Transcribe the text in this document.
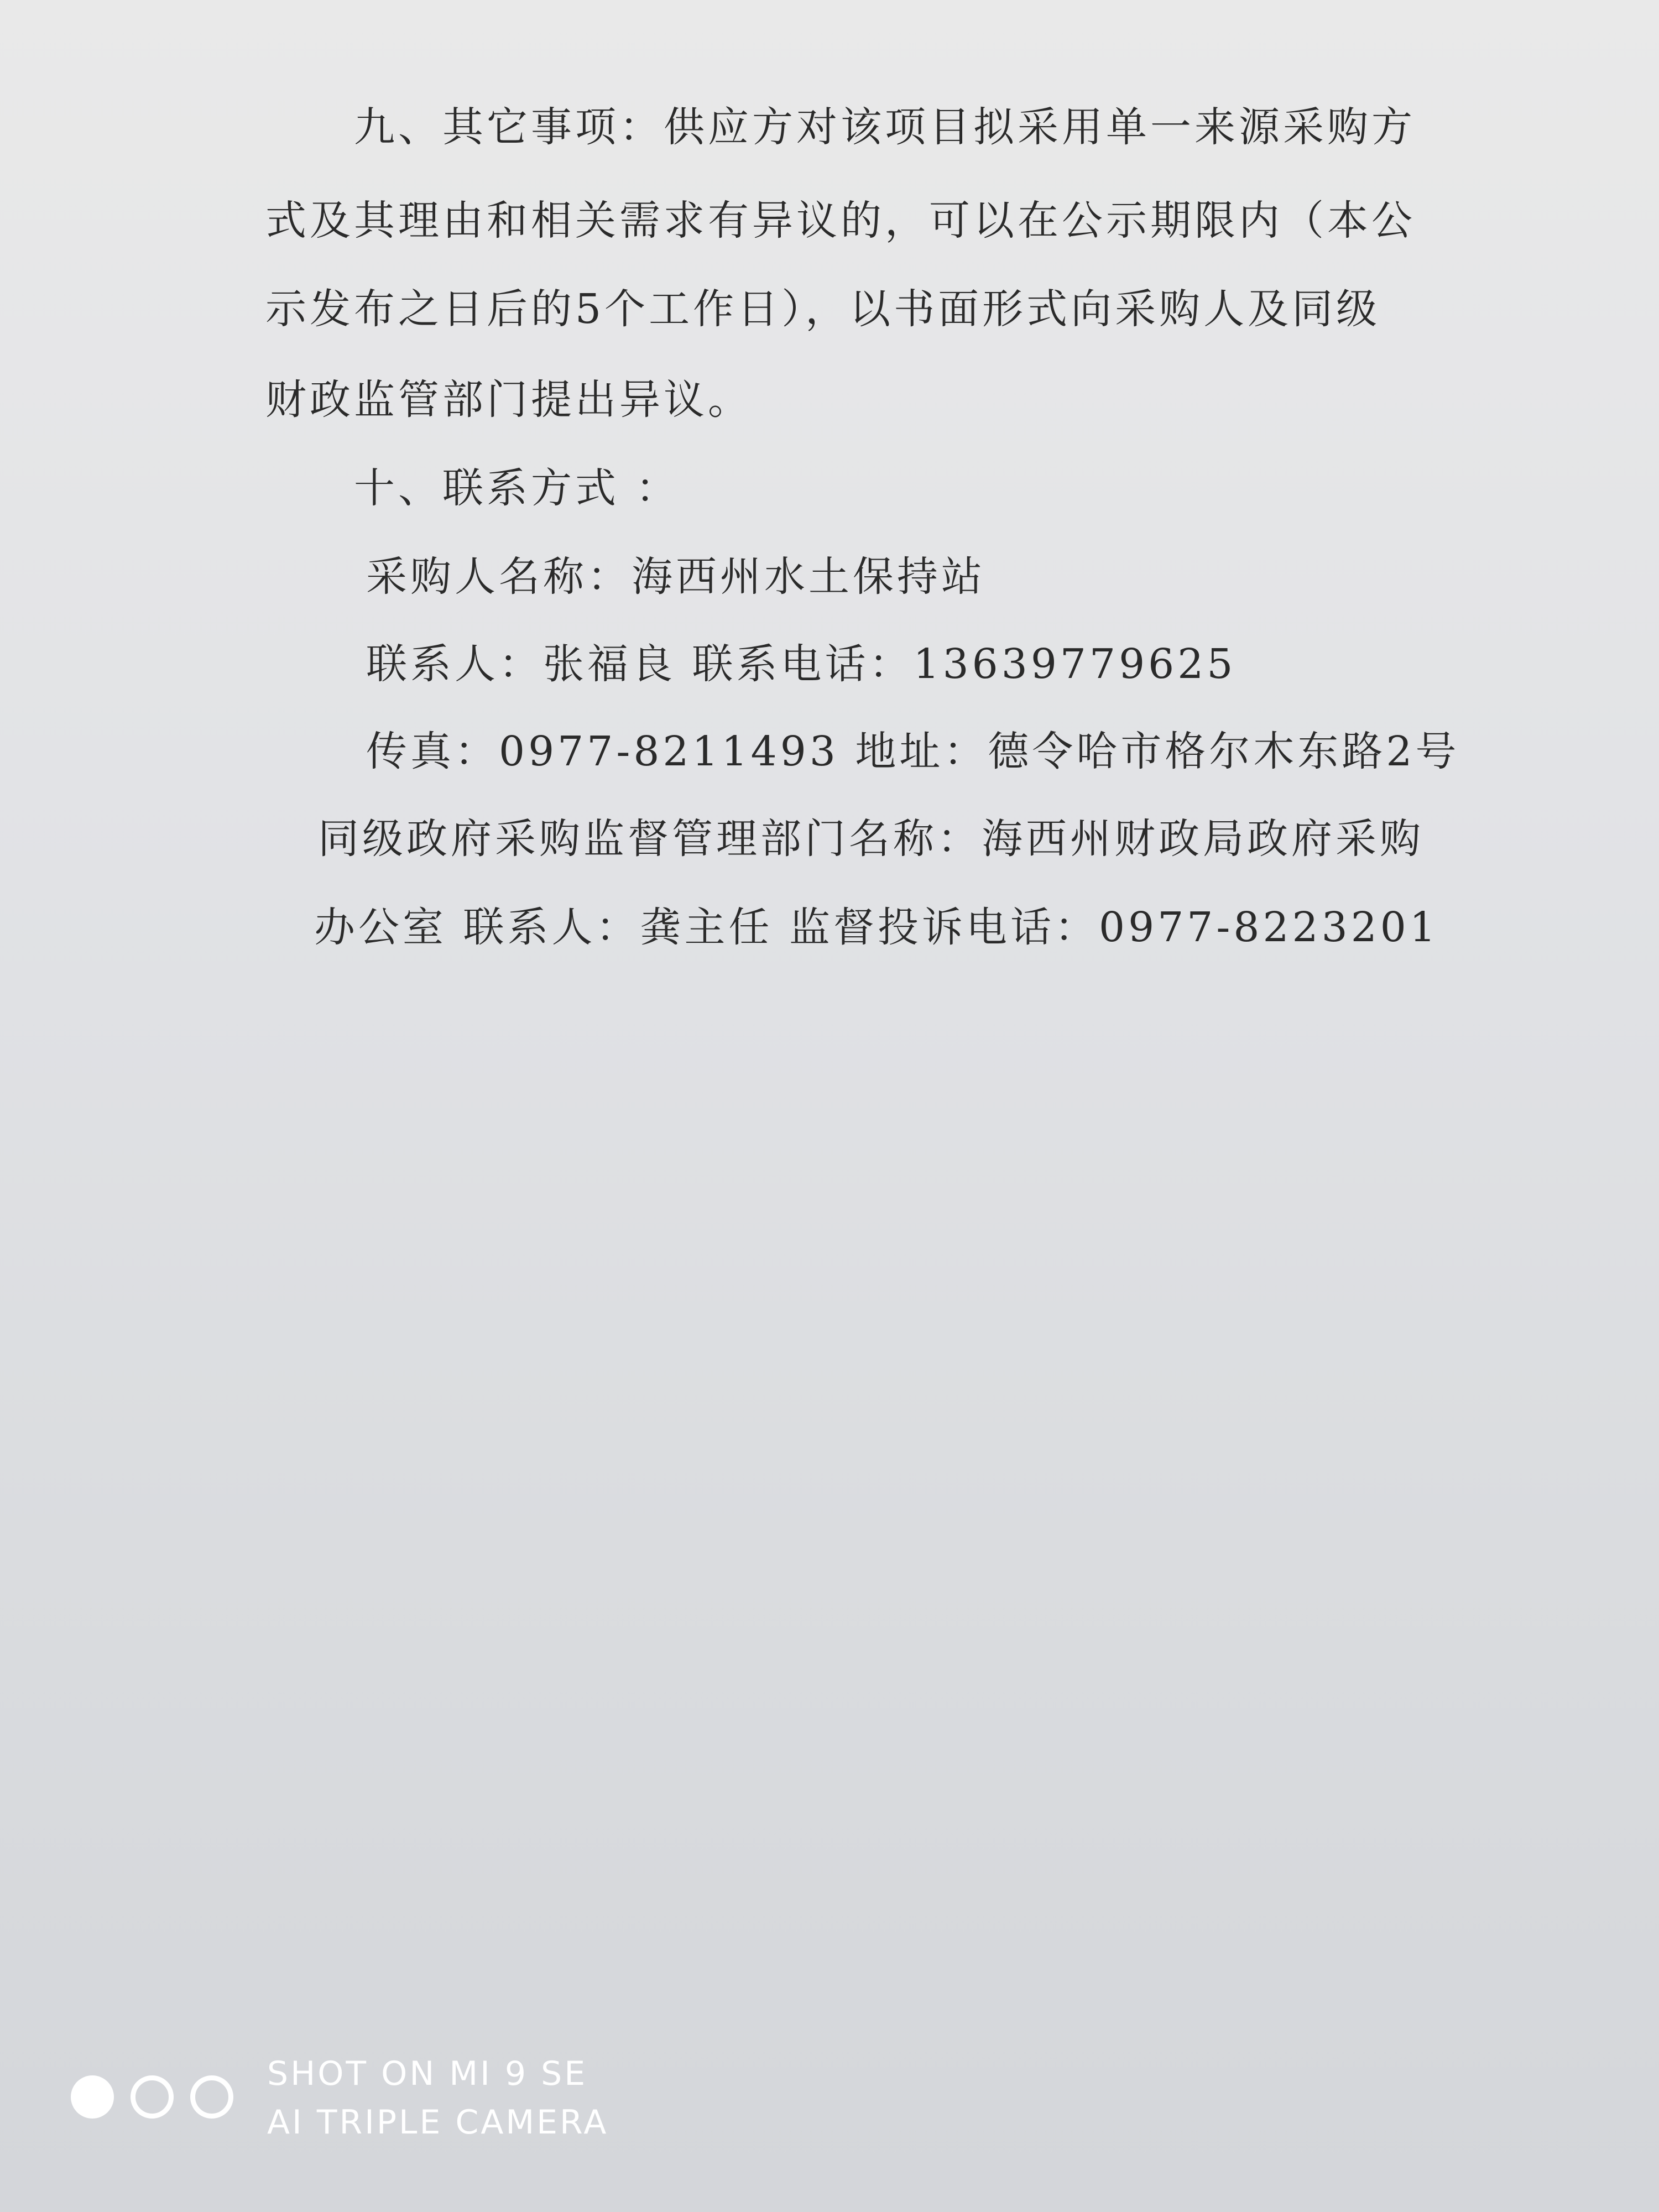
九、其它事项：供应方对该项目拟采用单一来源采购方
式及其理由和相关需求有异议的，可以在公示期限内（本公
示发布之日后的5个工作日），以书面形式向采购人及同级
财政监管部门提出异议。
十、联系方式 ：
采购人名称：海西州水土保持站
联系人：张福良 联系电话：13639779625
传真：0977-8211493 地址：德令哈市格尔木东路2号
同级政府采购监督管理部门名称：海西州财政局政府采购
办公室 联系人：龚主任 监督投诉电话：0977-8223201
SHOT ON MI 9 SE
AI TRIPLE CAMERA
